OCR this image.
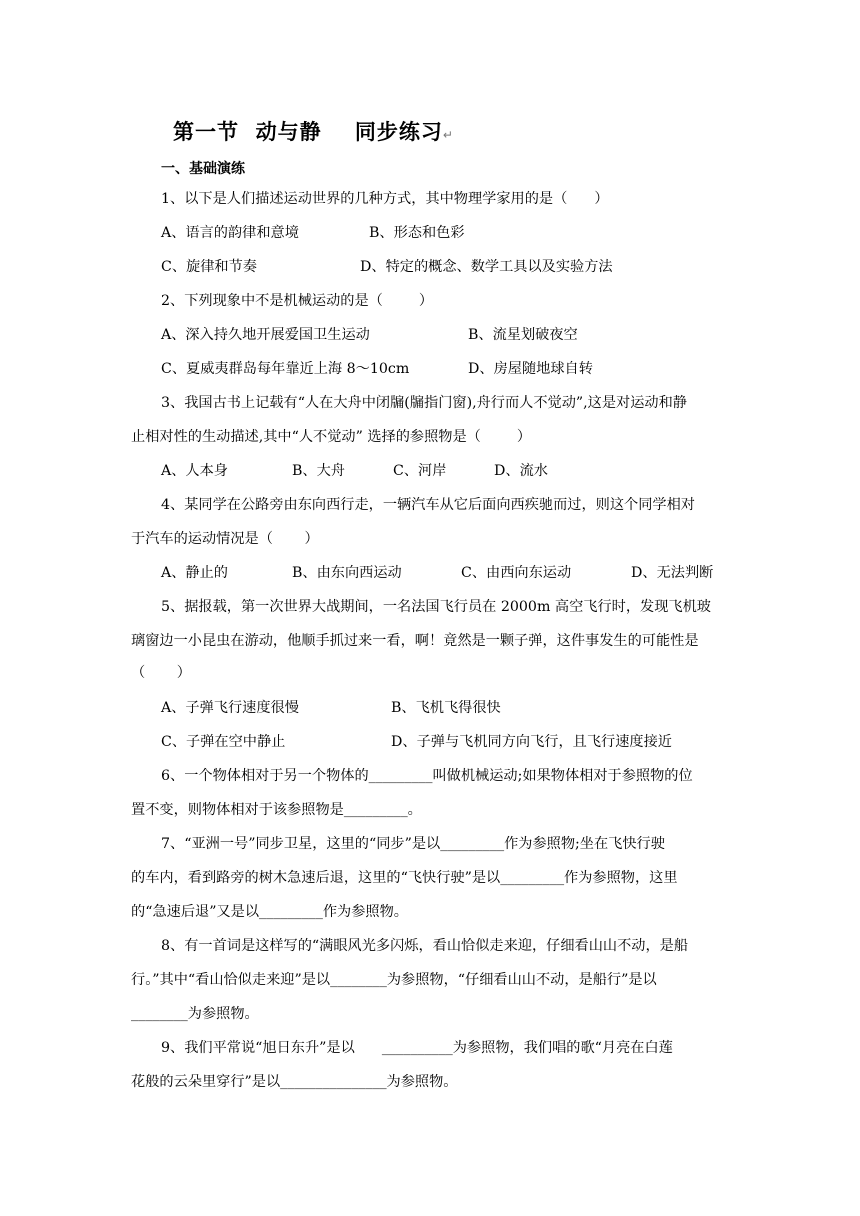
第一节  动与静    同步练习↵
一、基础演练
1、以下是人们描述运动世界的几种方式，其中物理学家用的是（      ）
A、语言的韵律和意境	B、形态和色彩
C、旋律和节奏	D、特定的概念、数学工具以及实验方法
2、下列现象中不是机械运动的是（        ）
A、深入持久地开展爱国卫生运动	B、流星划破夜空
C、夏威夷群岛每年靠近上海 8～10cm	D、房屋随地球自转
3、我国古书上记载有“人在大舟中闭牖(牖指门窗),舟行而人不觉动”,这是对运动和静
止相对性的生动描述,其中“人不觉动” 选择的参照物是（        ）
A、人本身	B、大舟	C、河岸	D、流水
4、某同学在公路旁由东向西行走，一辆汽车从它后面向西疾驰而过，则这个同学相对
于汽车的运动情况是（       ）
A、静止的	B、由东向西运动	C、由西向东运动	D、无法判断
5、据报载，第一次世界大战期间，一名法国飞行员在 2000m 高空飞行时，发现飞机玻
璃窗边一小昆虫在游动，他顺手抓过来一看，啊！竟然是一颗子弹，这件事发生的可能性是
（       ）
A、子弹飞行速度很慢	B、飞机飞得很快
C、子弹在空中静止	D、子弹与飞机同方向飞行，且飞行速度接近
6、一个物体相对于另一个物体的_________叫做机械运动;如果物体相对于参照物的位
置不变，则物体相对于该参照物是_________。
7、“亚洲一号”同步卫星，这里的“同步”是以_________作为参照物;坐在飞快行驶
的车内，看到路旁的树木急速后退，这里的“飞快行驶”是以_________作为参照物，这里
的“急速后退”又是以_________作为参照物。
8、有一首词是这样写的“满眼风光多闪烁，看山恰似走来迎，仔细看山山不动，是船
行。”其中“看山恰似走来迎”是以________为参照物，“仔细看山山不动，是船行”是以
________为参照物。
9、我们平常说“旭日东升”是以      __________为参照物，我们唱的歌“月亮在白莲
花般的云朵里穿行”是以_______________为参照物。
